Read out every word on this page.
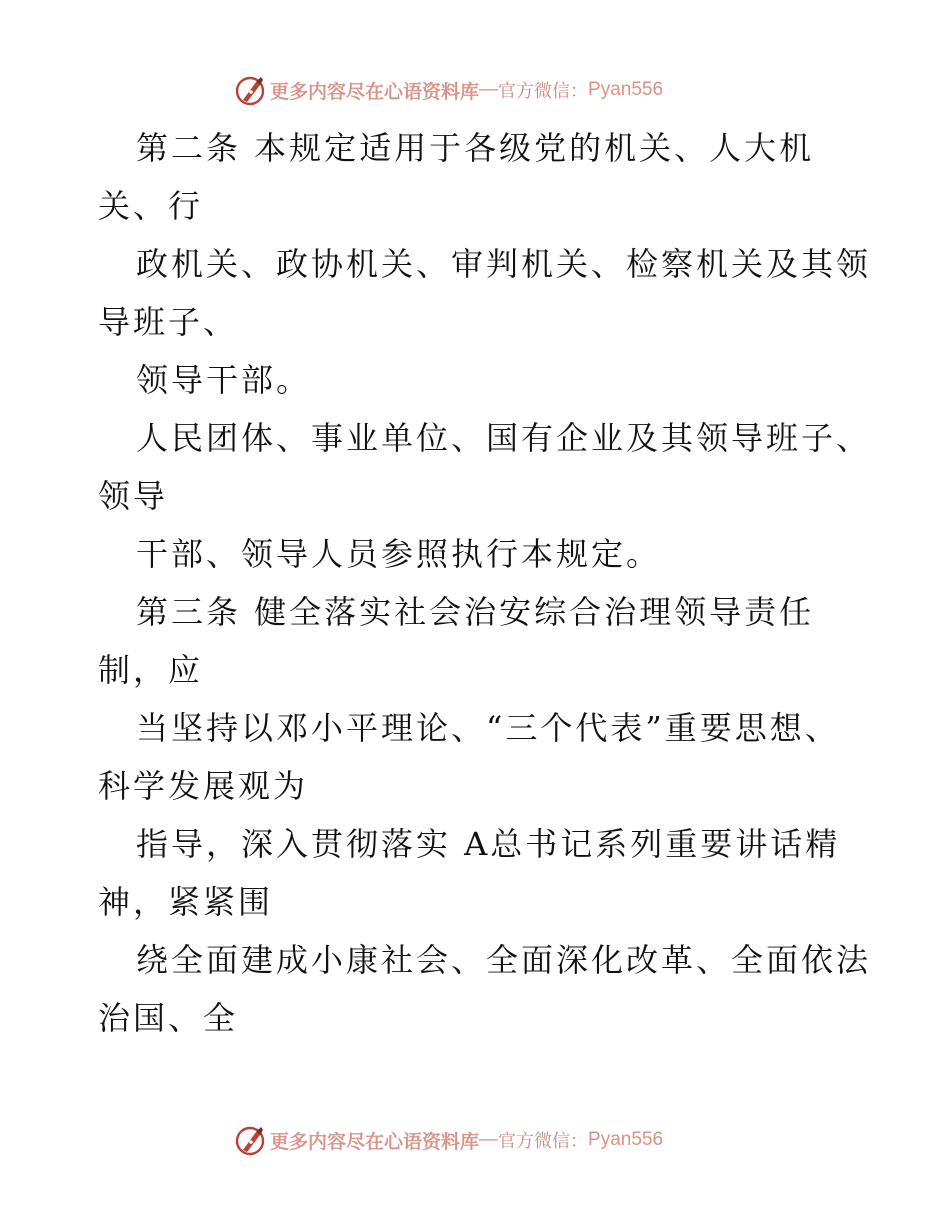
更多内容尽在心语资料库 — 官方微信： Pyan556
第二条 本规定适用于各级党的机关、人大机
关、行
政机关、政协机关、审判机关、检察机关及其领
导班子、
领导干部。
人民团体、事业单位、国有企业及其领导班子、
领导
干部、领导人员参照执行本规定。
第三条 健全落实社会治安综合治理领导责任
制，应
当坚持以邓小平理论、“三个代表”重要思想、
科学发展观为
指导，深入贯彻落实 A总书记系列重要讲话精
神，紧紧围
绕全面建成小康社会、全面深化改革、全面依法
治国、全
更多内容尽在心语资料库 — 官方微信： Pyan556
